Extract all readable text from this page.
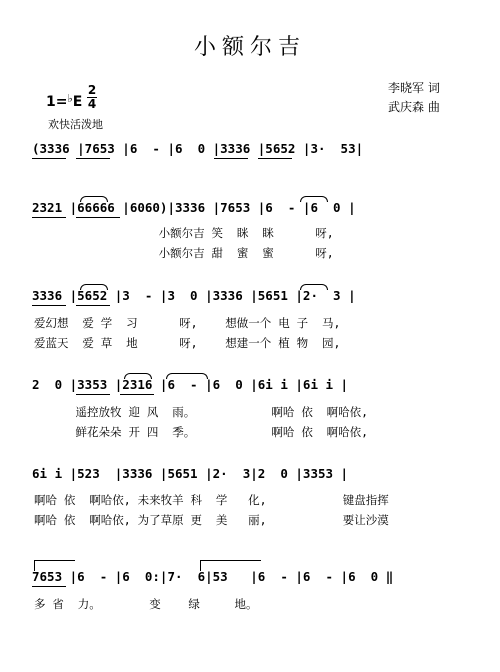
小额尔吉
1=♭E
2
4
欢快活泼地
李晓军 词
武庆森 曲
(3336 |7653 |6  - |6  0 |3336 |5652 |3·  53|
2321 |66666 |6060)|3336 |7653 |6  - |6  0 |
小额尔吉 笑  眯  眯      呀,
小额尔吉 甜  蜜  蜜      呀,
3336 |5652 |3  - |3  0 |3336 |5651 |2·  3 |
爱幻想  爱 学  习      呀,    想做一个 电 子  马,
爱蓝天  爱 草  地      呀,    想建一个 植 物  园,
2  0 |3353 |2316 |6  - |6  0 |6i i |6i i |
遥控放牧 迎 风  雨。           啊哈 依  啊哈依,
鲜花朵朵 开 四  季。           啊哈 依  啊哈依,
6i i |523  |3336 |5651 |2·  3|2  0 |3353 |
啊哈 依  啊哈依, 未来牧羊 科  学   化,           键盘指挥
啊哈 依  啊哈依, 为了草原 更  美   丽,           要让沙漠
7653 |6  - |6  0:|7·  6|53   |6  - |6  - |6  0 ‖
多 省  力。       变    绿     地。
